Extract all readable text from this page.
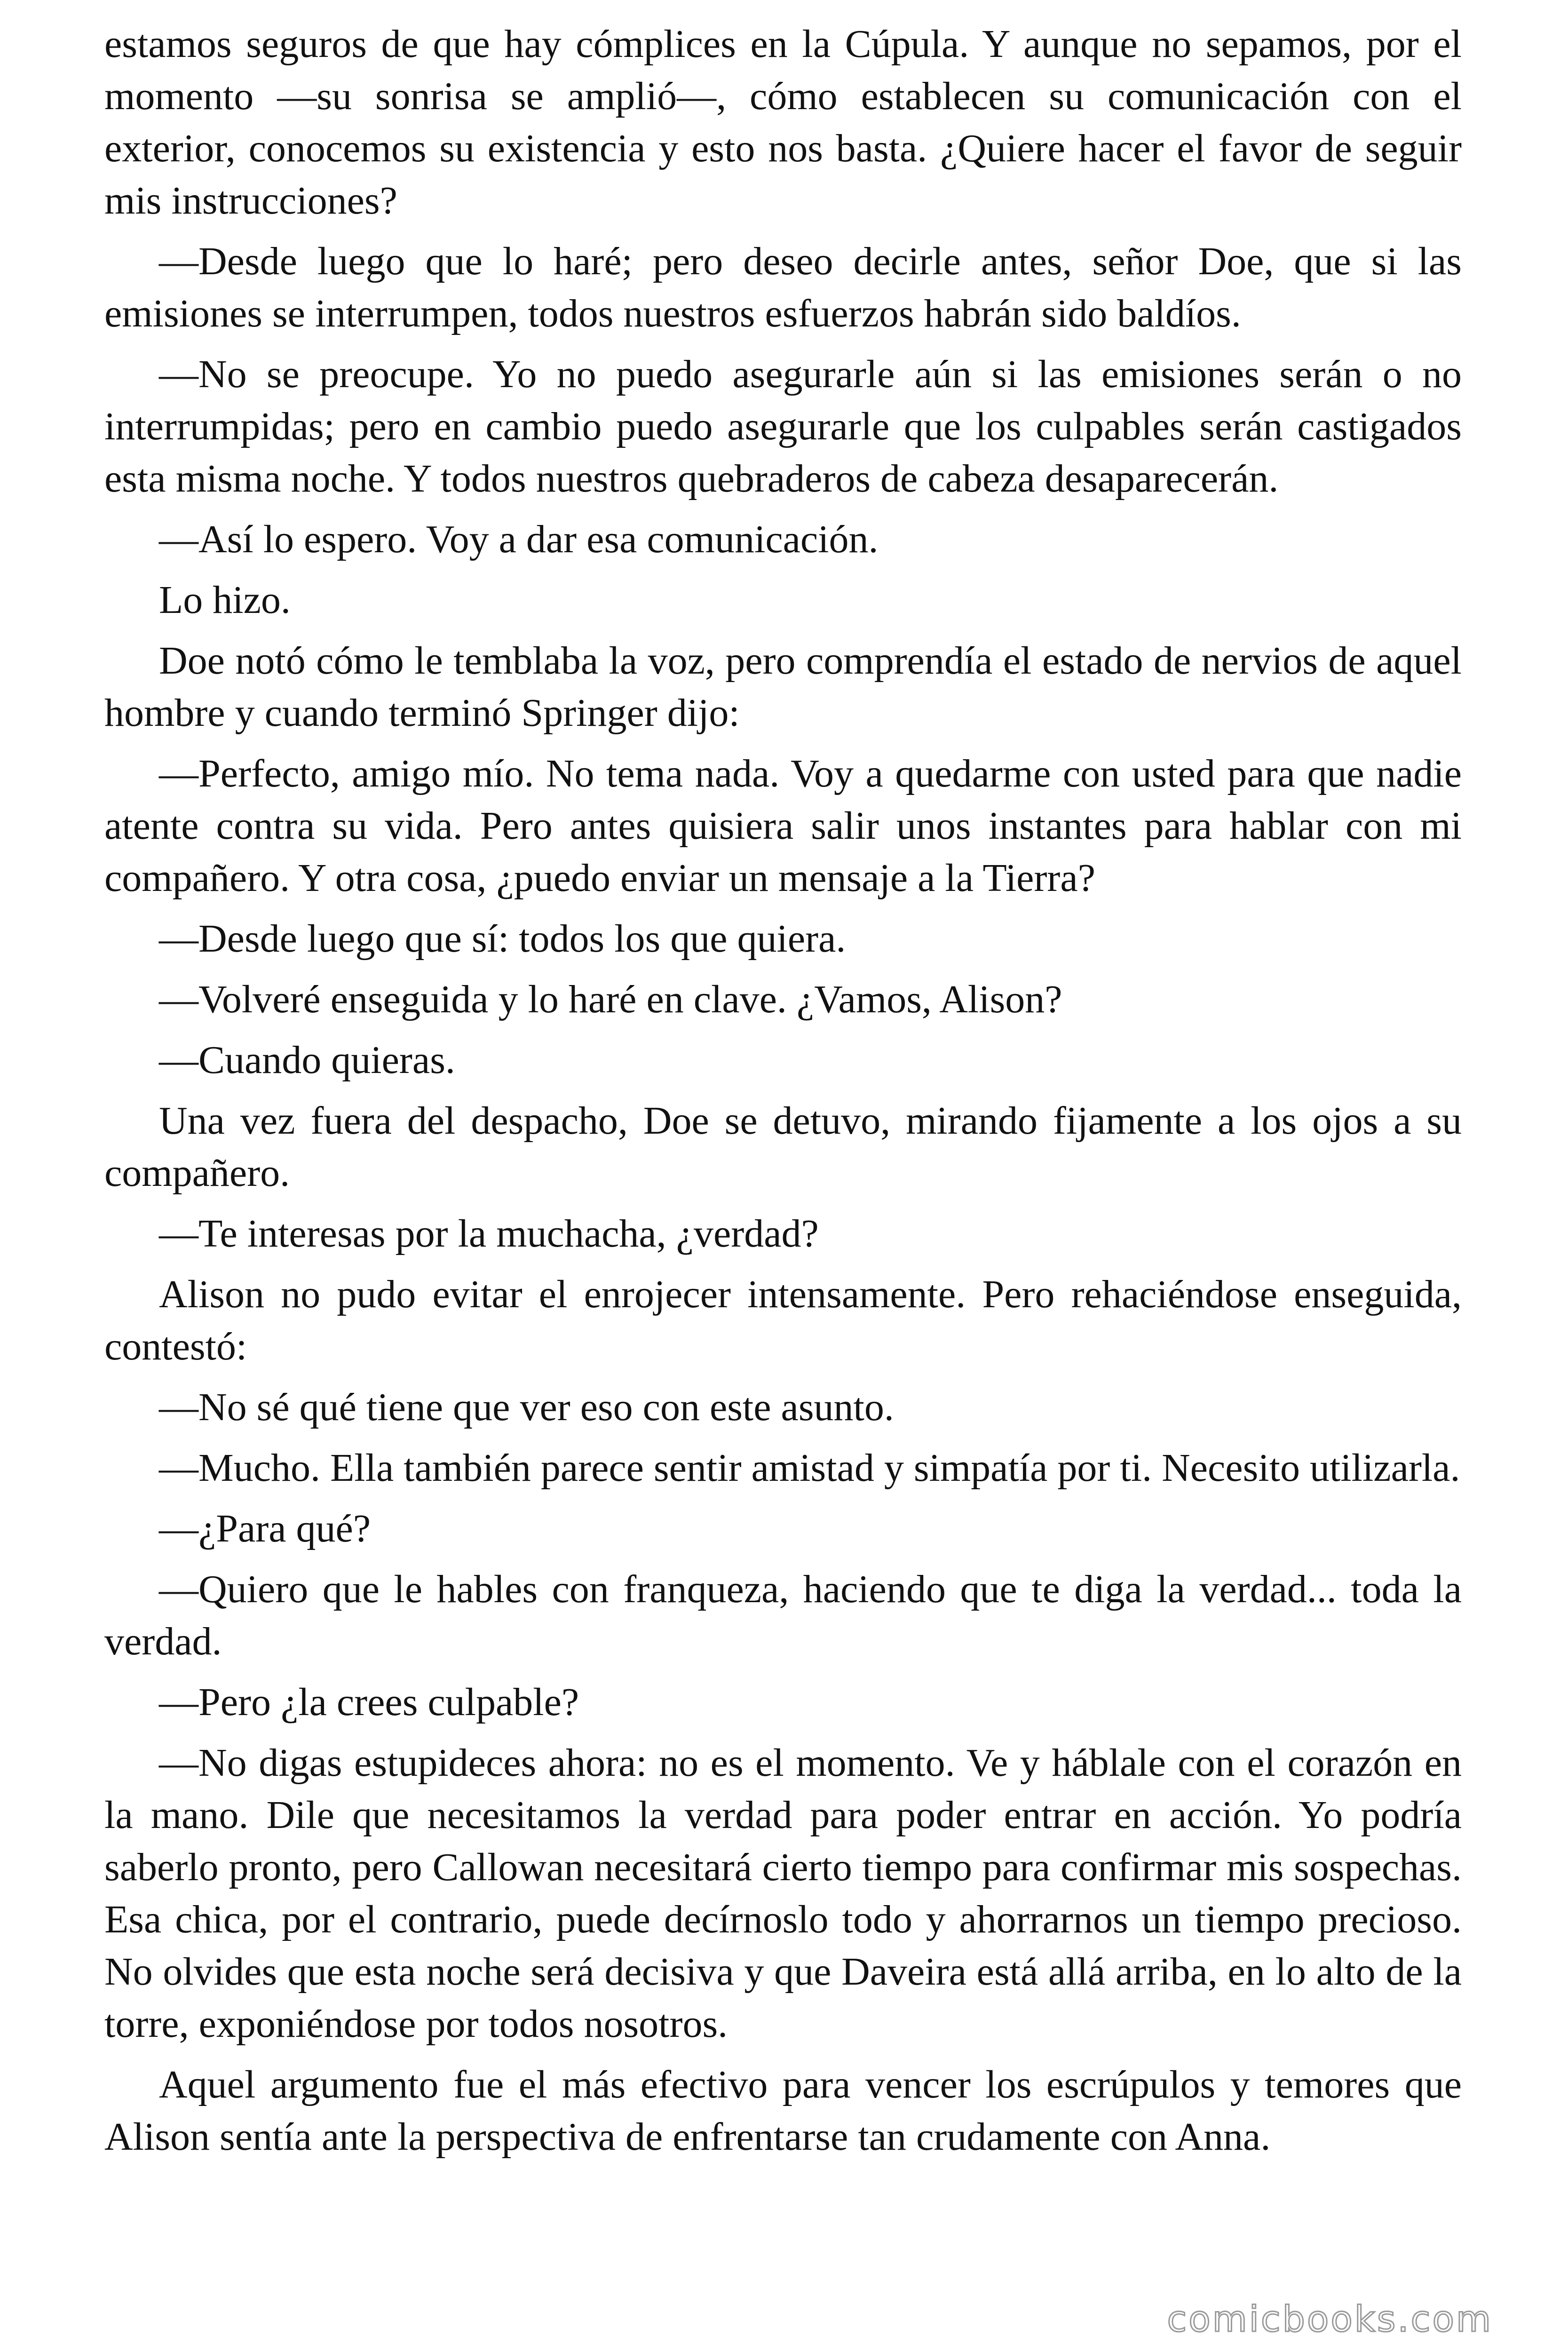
estamos seguros de que hay cómplices en la Cúpula. Y aunque no sepamos, por el momento —su sonrisa se amplió—, cómo establecen su comunicación con el exterior, conocemos su existencia y esto nos basta. ¿Quiere hacer el favor de seguir mis instrucciones?

—Desde luego que lo haré; pero deseo decirle antes, señor Doe, que si las emisiones se interrumpen, todos nuestros esfuerzos habrán sido baldíos.

—No se preocupe. Yo no puedo asegurarle aún si las emisiones serán o no interrumpidas; pero en cambio puedo asegurarle que los culpables serán castigados esta misma noche. Y todos nuestros quebraderos de cabeza desaparecerán.

—Así lo espero. Voy a dar esa comunicación.

Lo hizo.

Doe notó cómo le temblaba la voz, pero comprendía el estado de nervios de aquel hombre y cuando terminó Springer dijo:

—Perfecto, amigo mío. No tema nada. Voy a quedarme con usted para que nadie atente contra su vida. Pero antes quisiera salir unos instantes para hablar con mi compañero. Y otra cosa, ¿puedo enviar un mensaje a la Tierra?

—Desde luego que sí: todos los que quiera.

—Volveré enseguida y lo haré en clave. ¿Vamos, Alison?

—Cuando quieras.

Una vez fuera del despacho, Doe se detuvo, mirando fijamente a los ojos a su compañero.

—Te interesas por la muchacha, ¿verdad?

Alison no pudo evitar el enrojecer intensamente. Pero rehaciéndose enseguida, contestó:

—No sé qué tiene que ver eso con este asunto.

—Mucho. Ella también parece sentir amistad y simpatía por ti. Necesito utilizarla.

—¿Para qué?

—Quiero que le hables con franqueza, haciendo que te diga la verdad... toda la verdad.

—Pero ¿la crees culpable?

—No digas estupideces ahora: no es el momento. Ve y háblale con el corazón en la mano. Dile que necesitamos la verdad para poder entrar en acción. Yo podría saberlo pronto, pero Callowan necesitará cierto tiempo para confirmar mis sospechas. Esa chica, por el contrario, puede decírnoslo todo y ahorrarnos un tiempo precioso. No olvides que esta noche será decisiva y que Daveira está allá arriba, en lo alto de la torre, exponiéndose por todos nosotros.

Aquel argumento fue el más efectivo para vencer los escrúpulos y temores que Alison sentía ante la perspectiva de enfrentarse tan crudamente con Anna.

comicbooks.com
